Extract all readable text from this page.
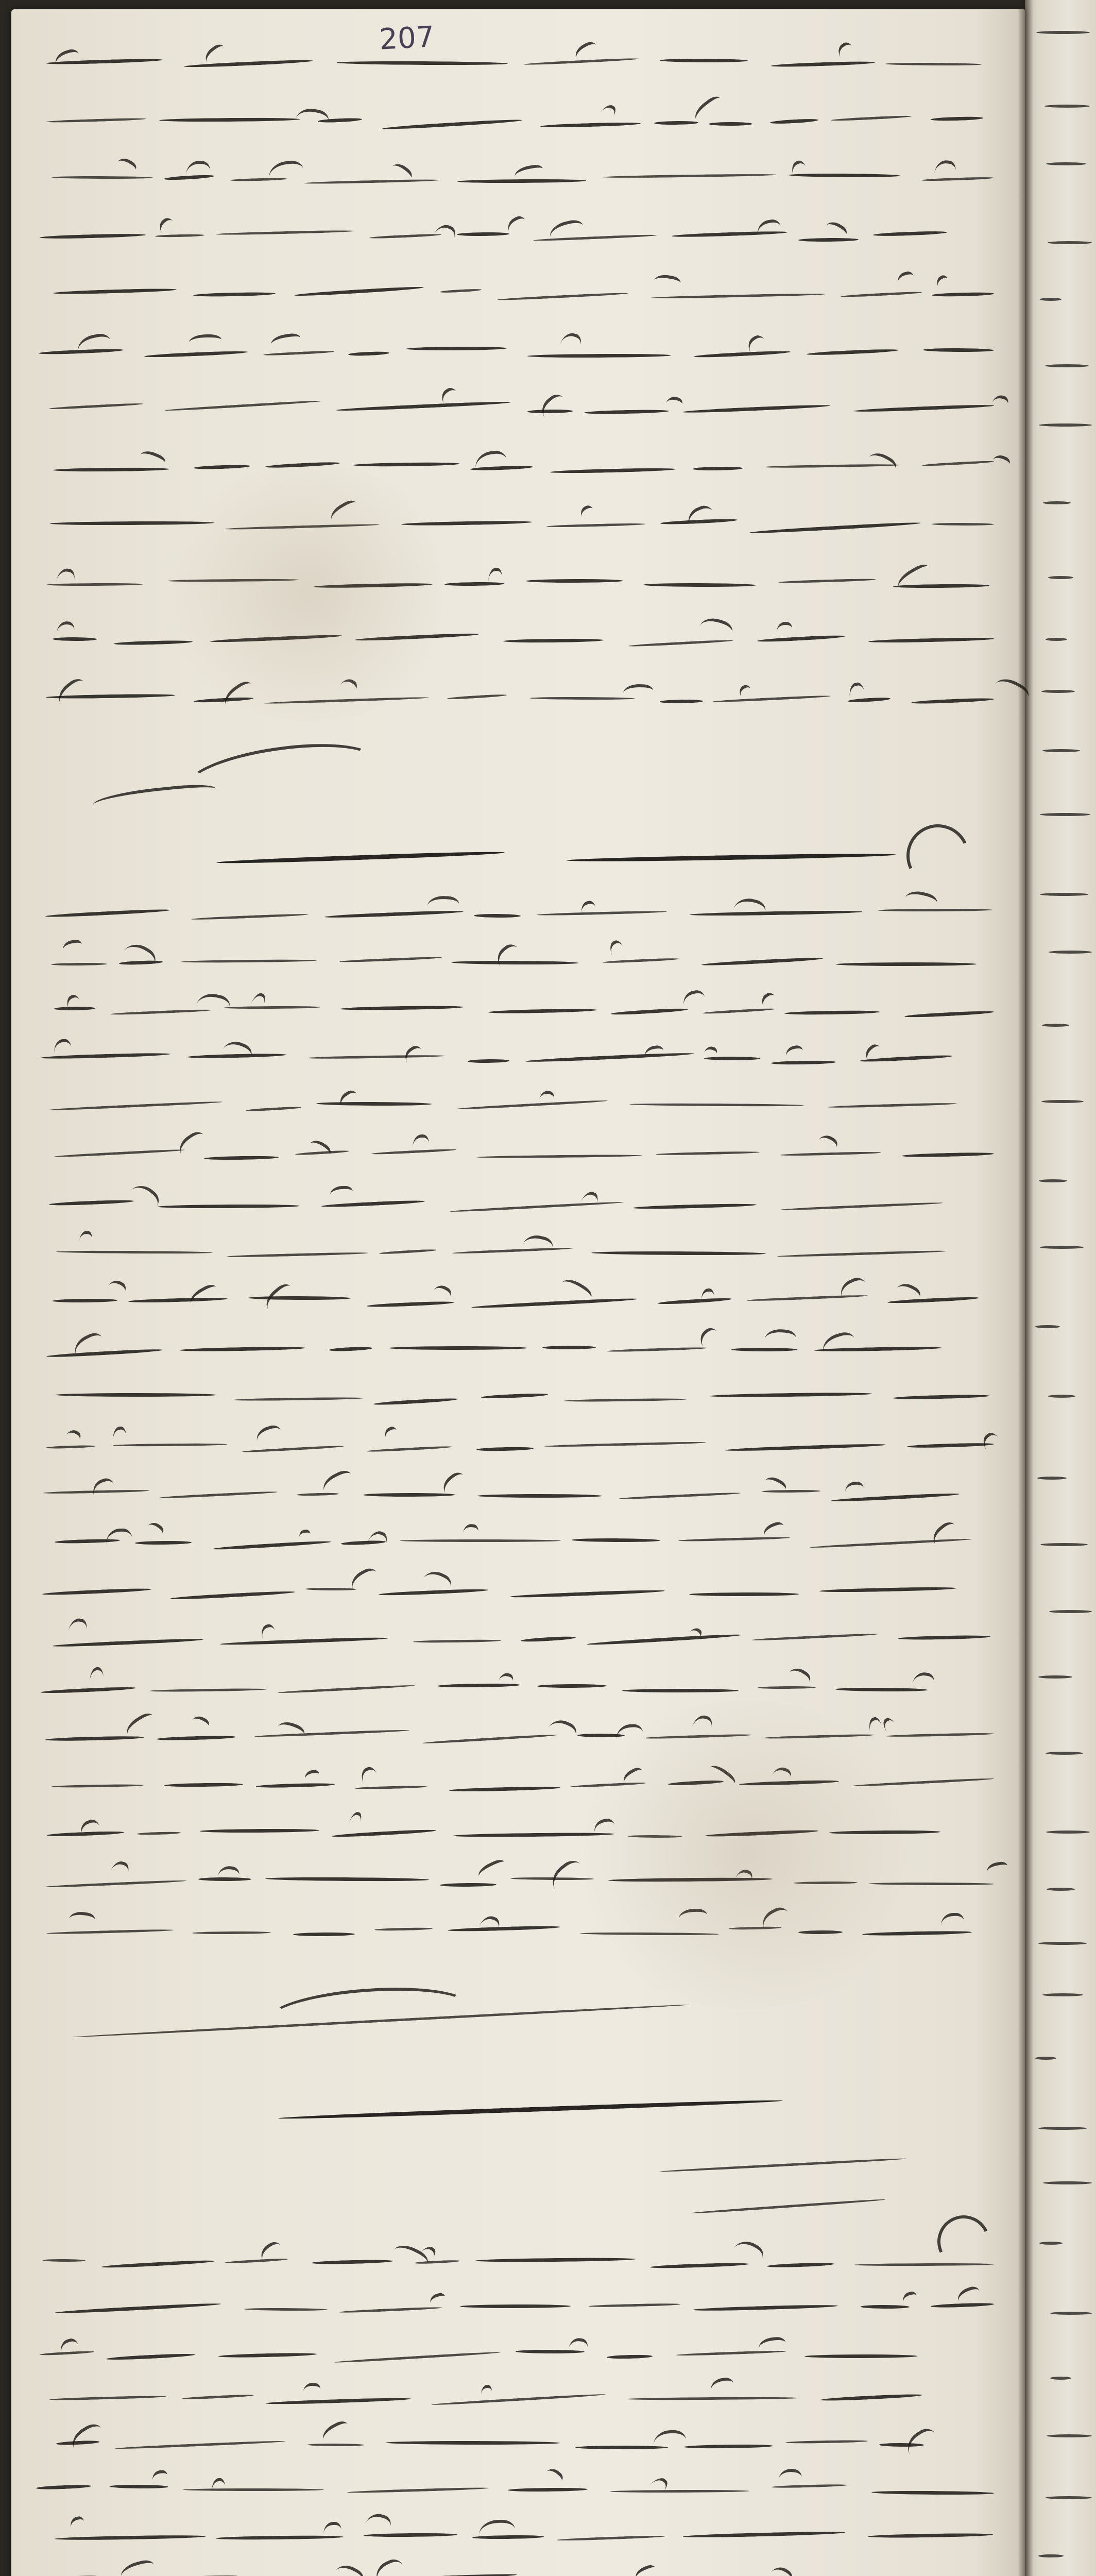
207
